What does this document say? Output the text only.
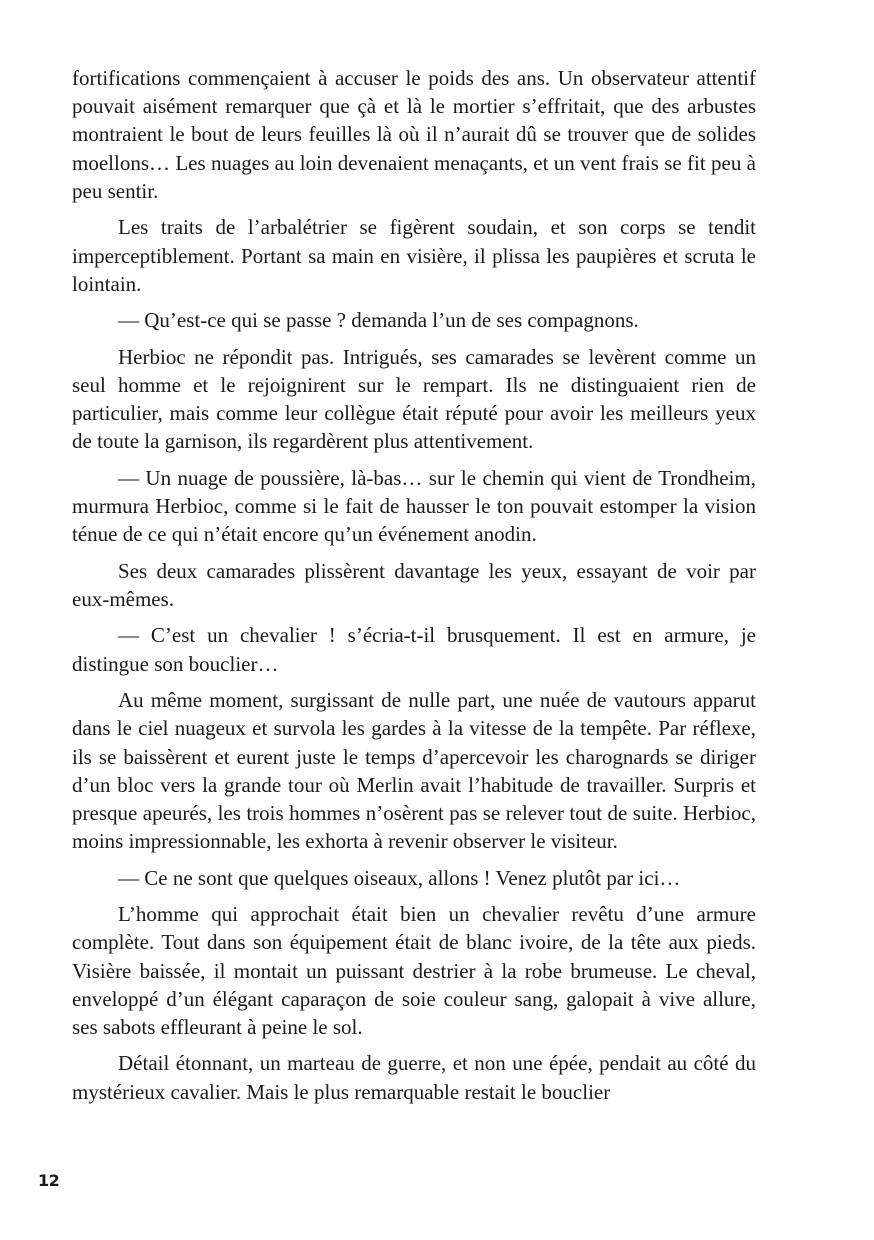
fortifications commençaient à accuser le poids des ans. Un observateur attentif pouvait aisément remarquer que çà et là le mortier s’effritait, que des arbustes montraient le bout de leurs feuilles là où il n’aurait dû se trouver que de solides moellons… Les nuages au loin devenaient menaçants, et un vent frais se fit peu à peu sentir.

Les traits de l’arbalétrier se figèrent soudain, et son corps se tendit imperceptiblement. Portant sa main en visière, il plissa les paupières et scruta le lointain.

— Qu’est-ce qui se passe ? demanda l’un de ses compagnons.

Herbioc ne répondit pas. Intrigués, ses camarades se levèrent comme un seul homme et le rejoignirent sur le rempart. Ils ne distinguaient rien de particulier, mais comme leur collègue était réputé pour avoir les meilleurs yeux de toute la garnison, ils regardèrent plus attentivement.

— Un nuage de poussière, là-bas… sur le chemin qui vient de Trondheim, murmura Herbioc, comme si le fait de hausser le ton pouvait estomper la vision ténue de ce qui n’était encore qu’un événement anodin.

Ses deux camarades plissèrent davantage les yeux, essayant de voir par eux-mêmes.

— C’est un chevalier ! s’écria-t-il brusquement. Il est en armure, je distingue son bouclier…

Au même moment, surgissant de nulle part, une nuée de vautours apparut dans le ciel nuageux et survola les gardes à la vitesse de la tempête. Par réflexe, ils se baissèrent et eurent juste le temps d’apercevoir les charognards se diriger d’un bloc vers la grande tour où Merlin avait l’habitude de travailler. Surpris et presque apeurés, les trois hommes n’osèrent pas se relever tout de suite. Herbioc, moins impressionnable, les exhorta à revenir observer le visiteur.

— Ce ne sont que quelques oiseaux, allons ! Venez plutôt par ici…

L’homme qui approchait était bien un chevalier revêtu d’une armure complète. Tout dans son équipement était de blanc ivoire, de la tête aux pieds. Visière baissée, il montait un puissant destrier à la robe brumeuse. Le cheval, enveloppé d’un élégant caparaçon de soie couleur sang, galopait à vive allure, ses sabots effleurant à peine le sol.

Détail étonnant, un marteau de guerre, et non une épée, pendait au côté du mystérieux cavalier. Mais le plus remarquable restait le bouclier

12
